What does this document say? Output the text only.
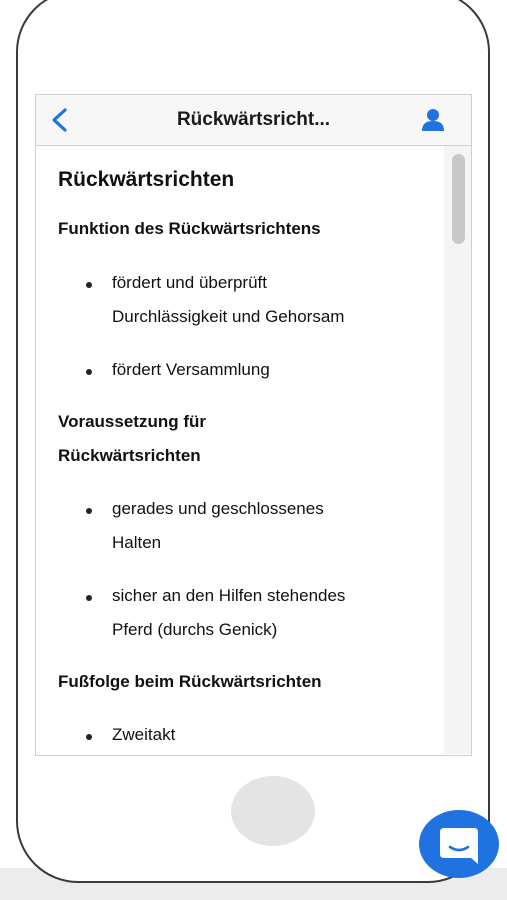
Rückwärtsricht...
Rückwärtsrichten
Funktion des Rückwärtsrichtens
fördert und überprüft
Durchlässigkeit und Gehorsam
fördert Versammlung
Voraussetzung für
Rückwärtsrichten
gerades und geschlossenes
Halten
sicher an den Hilfen stehendes
Pferd (durchs Genick)
Fußfolge beim Rückwärtsrichten
Zweitakt
